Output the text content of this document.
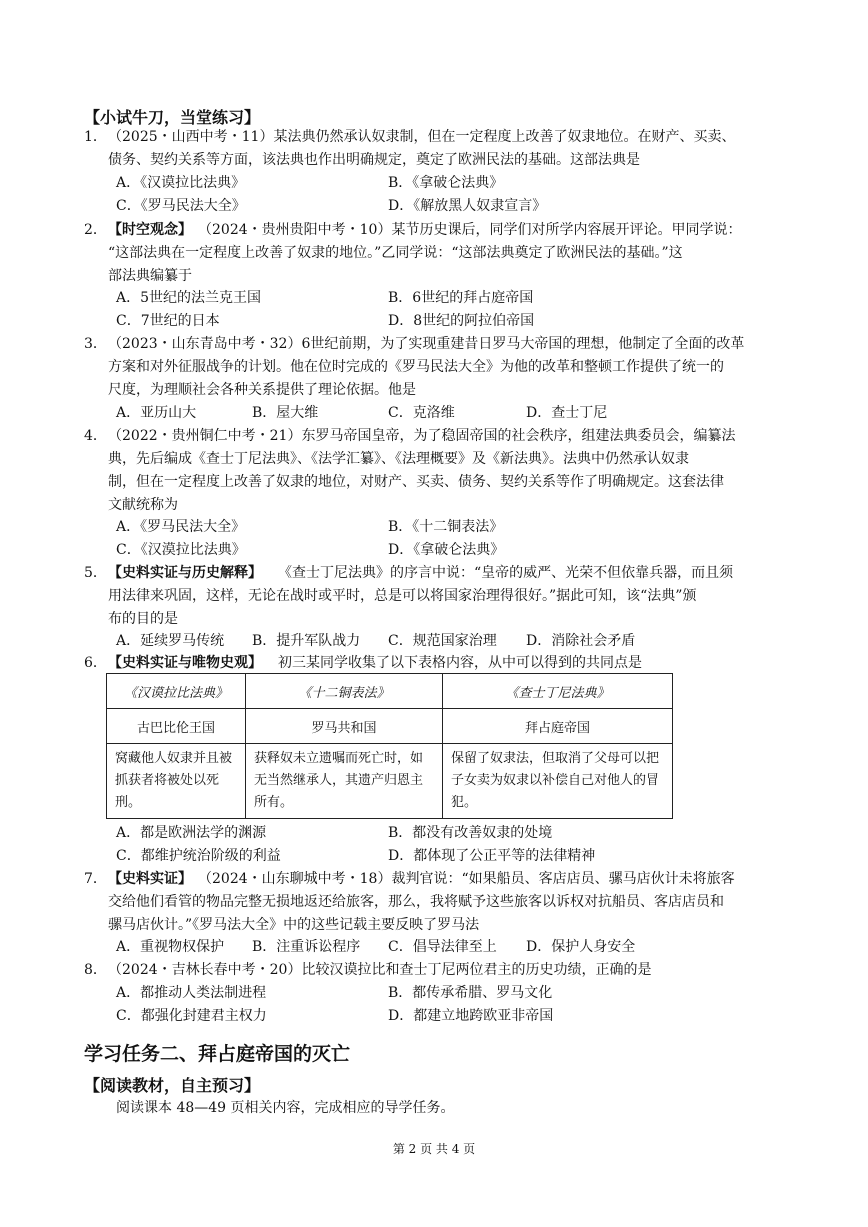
【小试牛刀，当堂练习】
1． （2025・山西中考・11）某法典仍然承认奴隶制，但在一定程度上改善了奴隶地位。在财产、买卖、
债务、契约关系等方面，该法典也作出明确规定，奠定了欧洲民法的基础。这部法典是
A．《汉谟拉比法典》	B．《拿破仑法典》
C．《罗马民法大全》	D．《解放黑人奴隶宣言》
2． 【时空观念】 （2024・贵州贵阳中考・10）某节历史课后，同学们对所学内容展开评论。甲同学说：
“这部法典在一定程度上改善了奴隶的地位。”乙同学说：“这部法典奠定了欧洲民法的基础。”这
部法典编纂于
A．5世纪的法兰克王国	B．6世纪的拜占庭帝国
C．7世纪的日本	D．8世纪的阿拉伯帝国
3． （2023・山东青岛中考・32）6世纪前期，为了实现重建昔日罗马大帝国的理想，他制定了全面的改革
方案和对外征服战争的计划。他在位时完成的《罗马民法大全》为他的改革和整顿工作提供了统一的
尺度，为理顺社会各种关系提供了理论依据。他是
A．亚历山大	B．屋大维	C．克洛维	D．查士丁尼
4． （2022・贵州铜仁中考・21）东罗马帝国皇帝，为了稳固帝国的社会秩序，组建法典委员会，编纂法
典，先后编成《查士丁尼法典》、《法学汇纂》、《法理概要》及《新法典》。法典中仍然承认奴隶
制，但在一定程度上改善了奴隶的地位，对财产、买卖、债务、契约关系等作了明确规定。这套法律
文献统称为
A．《罗马民法大全》	B．《十二铜表法》
C．《汉漠拉比法典》	D．《拿破仑法典》
5． 【史料实证与历史解释】 《查士丁尼法典》的序言中说：“皇帝的威严、光荣不但依靠兵器，而且须
用法律来巩固，这样，无论在战时或平时，总是可以将国家治理得很好。”据此可知，该“法典”颁
布的目的是
A．延续罗马传统 B．提升军队战力 C．规范国家治理 D．消除社会矛盾
6． 【史料实证与唯物史观】 初三某同学收集了以下表格内容，从中可以得到的共同点是
《汉谟拉比法典》	《十二铜表法》	《查士丁尼法典》
古巴比伦王国	罗马共和国	拜占庭帝国
窝藏他人奴隶并且被抓获者将被处以死刑。	获释奴未立遗嘱而死亡时，如无当然继承人，其遗产归恩主所有。	保留了奴隶法，但取消了父母可以把子女卖为奴隶以补偿自己对他人的冒犯。
A．都是欧洲法学的渊源	B．都没有改善奴隶的处境
C．都维护统治阶级的利益	D．都体现了公正平等的法律精神
7． 【史料实证】 （2024・山东聊城中考・18）裁判官说：“如果船员、客店店员、骡马店伙计未将旅客
交给他们看管的物品完整无损地返还给旅客，那么，我将赋予这些旅客以诉权对抗船员、客店店员和
骡马店伙计。”《罗马法大全》中的这些记载主要反映了罗马法
A．重视物权保护 B．注重诉讼程序 C．倡导法律至上 D．保护人身安全
8． （2024・吉林长春中考・20）比较汉谟拉比和查士丁尼两位君主的历史功绩，正确的是
A．都推动人类法制进程	B．都传承希腊、罗马文化
C．都强化封建君主权力	D．都建立地跨欧亚非帝国
学习任务二、拜占庭帝国的灭亡
【阅读教材，自主预习】
阅读课本 48—49 页相关内容，完成相应的导学任务。
第 2 页 共 4 页
